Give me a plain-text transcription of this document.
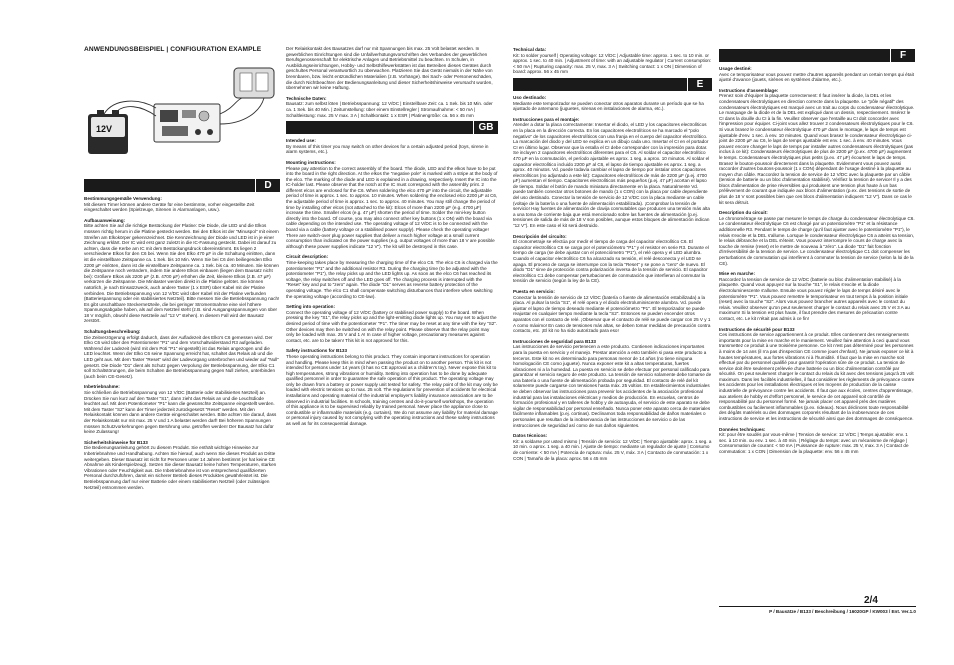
ANWENDUNGSBEISPIEL | CONFIGURATION EXAMPLE
12V
D

Bestimmungsgemäße Verwendung:

Mit diesem Timer können andere Geräte für eine bestimmte, vorher eingestellte Zeit eingeschaltet werden (Spielzeuge, Sirenen in Alarmanlagen, usw.).

Aufbauanweisung:

Bitte achten Sie auf die richtige Bestückung der Platine: Die Diode, die LED und die Elkos müssen richtig herum in die Platine gesteckt werden. Bei den Elkos ist der "Minuspol" mit einem Streifen am Elkokörper gekennzeichnet. Die Kennzeichnung der Diode und LED ist in je einer Zeichnung erklärt. Der IC wird erst ganz zuletzt in die IC-Fassung gesteckt. Dabei ist darauf zu achten, dass die Kerbe am IC mit dem Bestückungsdruck übereinstimmt. Es liegen 2 verschiedene Elkos für den C6 bei. Wenn Sie den Elko 470 µF in die Schaltung einlöten, dann ist die einstellbare Zeitspanne ca. 1 Sek. bis 10 Min. Wenn Sie bei C6 den beiliegenden Elko 2200 µF einlöten, dann ist die einstellbare Zeitspanne ca. 1 Sek. bis ca. 40 Minuten. Sie können die Zeitspanne noch verändern, indem Sie andere Elkos einbauen (liegen dem Bausatz nicht bei): Größere Elkos als 2200 µF (z.B. 4700 µF) erhöhen die Zeit, kleinere Elkos (z.B. 47 µF) verkürzen die Zeitspanne. Die Minitaster werden direkt in die Platine gelötet. Sie können natürlich, je nach Einsatzzweck, auch andere Taster (1 x ESR) über Kabel mit der Platine verbinden. Die Betriebsspannung von 12 V/DC wird über Kabel mit der Platine verbunden (Batteriespannung oder ein stabilisiertes Netzteil). Bitte messen Sie die Betriebsspannung nach! Es gibt unschaltbare Steckernetzteile, die bei geringer Stromentnahme eine viel höhere Spannungsabgabe haben, als auf dem Netzteil steht (z.B. sind Ausgangsspannungen von über 18 V möglich, obwohl diese Netzteile auf "12 V" stehen). In diesem Fall wird der Bausatz zerstört.

Schaltungsbeschreibung:

Die Zeitverzögerung erfolgt dadurch, dass der Aufladezeit des Elko's C6 gemessen wird. Der Elko C6 wird über den Potentiometer "P1" und dem Vorschaltwiderstand R3 aufgeladen. Während der Ladezeit (wird mit dem Poti "P1" eingestellt) ist das Relais angezogen und die LED leuchtet. Wenn der Elko C6 seine Spannung erreicht hat, schaltet das Relais ab und die LED geht aus. Mit dem Taster "Reset" wird der Ladevorgang unterbrochen und wieder auf "Null" gesetzt. Die Diode "D1" dient als Schutz gegen Verpolung der Betriebsspannung, der Elko C1 soll Schaltstörungen, die beim Schalten die Betriebsspannung gegen Null ziehen, unterbinden (auch beim CE-Gesetz).

Inbetriebnahme:

Sie schließen die Betriebsspannung von 12 V/DC (Batterie oder stabilisiertes Netzteil) an. Drücken Sie nun kurz auf den Taster "S1", dann zieht das Relais an und die Leuchtdiode leuchtet auf. Mit dem Potentiometer "P1" kann die gewünschte Zeitspanne eingestellt werden. Mit dem Taster "S2" kann der Timer jederzeit zurückgesetzt "Reset" werden. Mit den Relaiskontakt können dann andere Geräte eingeschaltet werden. Bitte achten Sie darauf, dass der Relaiskontakt nur mit max. 25 V und 1 A belastet werden darf! Bei höheren Spannungen müssen Schutzvorkehrungen gegen Berührung usw. getroffen werden! Der Bausatz hat dafür keine Zulassung!

Sicherheitshinweise für B133

Die Bedienungsanleitung gehört zu diesem Produkt. Sie enthält wichtige Hinweise zur Inbetriebnahme und Handhabung. Achten Sie hierauf, auch wenn Sie dieses Produkt an Dritte weitergeben. Dieser Bausatz ist nicht für Personen unter 14 Jahren bestimmt (er hat keine CE Abnahme als Kinderspielzeug). Setzen Sie dieser Bausatz keine hohen Temperaturen, starken Vibrationen oder Feuchtigkeit aus. Die Inbetriebnahme ist von entsprechend qualifizierten Personal durchzuführen, damit ein sicherer Betrieb dieses Produktes gewährleistet ist. Die Betriebsspannung darf nur einer Batterie oder einem stabilisierten Netzteil (oder zulässigen Netzteil) entnommen werden.

Der Relaiskontakt des Bausatzes darf nur mit Spannungen bis max. 25 Volt belastet werden. In gewerblichen Einrichtungen sind die Unfallverhütungsvorschriften des Verbandes der gewerblichen Berufsgenossenschaft für elektrische Anlagen und Betriebsmittel zu beachten. In Schulen, in Ausbildungseinrichtungen, Hobby- und Selbsthilfewerkstätten ist das Betreiben dieses Gerätes durch geschultes Personal verantwortlich zu überwachen. Platzieren Sie das Gerät niemals in der Nähe von brennbaren, bzw. leicht entzündlichen Materialien (z.B. Vorhänge). Bei Sach- oder Personenschäden, die durch Nichtbeachten der Bedienungsanleitung und dieser Sicherheitshinweise verursacht wurden, übernehmen wir keine Haftung.

Technische Daten:

Bausatz: zum selbst löten | Betriebsspannung: 12 V/DC | Einstellbare Zeit: ca. 1 Sek. bis 10 Min. oder ca. 1 Sek. bis 40 Min. | Zeitumstellung: über einem Einstellregler | Stromaufnahme: < 50 mA | Schaltleistung: max. 25 V max. 3 A | Schaltkontakt: 1 x ESR | Platinengröße: ca. 56 x 45 mm

GB

Intended use:

By means of this timer you may switch on other devices for a certain adjusted period (toys, sirene in alarm systems, etc.).

Mounting instructions:

Please pay attention to the correct assembly of the board. The diode, LED and the elkos have to be put into the board in the right direction. At the elkos the "negative pole" is marked with a stripe at the body of the elco. The marking of the diode and LED is explained in a drawing, respectively. Insert the IC into the IC-holder last. Please observe that the notch at the IC must correspond with the assembly print. 2 different elcos are enclosed for the C6. When soldering the elco 470 µF into the circuit, the adjustable period of time is approx. 1 sec. to approx. 10 minutes. When soldering the enclosed elco 2200 µF at C6, the adjustable period of time is approx. 1 sec. to approx. 40 minutes. You may still change the period of time by installing other elcos (not attached to the kit): Elcos of more than 2200 µF (e.g. 4700 µF) increase the time. Smaller elcos (e.g. 47 µF) shorten the period of time. Solder the mini-key button directly into the board. Of course, you may also connect other key buttons (1 x ON) with the board via cable depending on the intended use. The operating voltage of 12 V/DC is to be connected with the board via a cable (battery voltage or a stabilised power supply). Please check the operating voltage! There are switch-over plug power supplies that deliver a much higher voltage at a small current consumption than indicated on the power supplies (e.g. output voltages of more than 18 V are possible although these power supplies indicate "12 V"). The kit will be destroyed in this case.

Circuit description:

Time-keeping takes place by measuring the charging time of the elco C6. The elco C6 is charged via the potentiometer "P1" and the additional resistor R3. During the charging time (to be adjusted with the potentiometer "P1"), the relay picks up and the LED lights up. As soon as the elco C6 has reached its voltage, the relay switches off and the LED goes off. The charging process is interrupted with the "Reset" key and put to "zero" again. The diode "D1" serves as reverse battery protection of the operating voltage. The elco C1 shall compensate switching disturbances that interfere when switching the operating voltage (according to CE-law).

Setting into operation:

Connect the operating voltage of 12 V/DC (battery or stabilised power supply) to the board. When pressing the key "S1", the relay picks up and the light-emitting diode lights up. You may set to adjust the desired period of time with the potentiometer "P1". The timer may be reset at any time with the key "S2". Other devices may then be switched on with the relay point. Please observe that the relay point may only be loaded with max. 25 V and 1 A! In case of higher voltage, precautionary measures against contact, etc. are to be taken! This kit is not approved for this.

Safety instructions for B133

These operating instructions belong to this product. They contain important instructions for operation and handling. Please keep this in mind when passing the product on to another person. This kit is not intended for persons under 14 years (it has no CE approval as a children's toy). Never expose this kit to high temperatures, strong vibrations or humidity. Setting into operation has to be done by adequate qualified personnel in order to guarantee the safe operation of this product. The operating voltage may only be drawn from a battery or power supply unit tested for safety. The relay point of the kit may only be loaded with electric tensions up to max. 25 volt. The regulations for prevention of accidents for electrical installations and operating material of the industrial employer's liability insurance association are to be observed in industrial facilities. In schools, training centres and do-it-yourself workshops, the operation of this appliance is to be supervised reliably by trained personal. Never place the appliance close to combustible or inflammable materials (e.g. curtains). We do not assume any liability for material damage or personal injury caused by not complying with the operating instructions and these safety instructions as well as for its consequential damage.

Technical data:

Kit: to solder yourself | Operating voltage: 12 V/DC | Adjustable time: approx. 1 sec. to 10 min. or approx. 1 sec. to 40 min. | Adjustment of time: with an adjustable regulator | Current consumption: < 50 mA | Rupturing capacity: max. 25 V, max. 3 A | Switching contact: 1 x ON | Dimension of board: approx. 56 x 45 mm

E

Uso destinado:

Mediante este temporizador se pueden conectar otros aparatos durante un período que se ha ajustado de antemano (juguetes, sirenas en instalaciones de alarma, etc.).

Instrucciones para el montaje:

Atender a dotar la placa correctamente: Insertar el diodo, el LED y los capacitores electrolíticos en la placa en la dirección correcta. En los capacitores electrolíticos se ha marcado el "polo negativo" de los capacitores electrolíticos con una franja en el cuerpo del capacitor electrolítico. La marcación del diodo y del LED se explica en un dibujo cada uno. Insertar el CI en el portador CI en último lugar. Observar que la entalla el CI debe corresponder con la impresión para dotar. Se incluyen 2 capacitores electrolíticos diferentes para el C6. Al soldar el capacitor electrolítico 470 µF en la conmutación, el período ajustable es aprox. 1 seg. a aprox. 10 minutos. Al soldar el capacitor electrolítico incluido 2200 µF al C6, el lapso de tiempo ajustable es aprox. 1 seg. a aprox. 40 minutos. Vd. puede todavía cambiar el lapso de tiempo por instalar otros capacitores electrolíticos (no adjuntado a este kit): Capacitores electrolíticos de más de 2200 µF (p.ej. 4700 µF) aumentan el tiempo. Capacitores electrolíticos más pequeños (p.ej. 47 µF) acortan el lapso de tiempo. Soldar el botón de mando miniatura directamente en la placa. Naturalmente Vd. puede también conectar otros botones de mando (1 x CON) con la placa por cable dependiente del uso destinado. Conectar la tensión de servicio de 12 V/DC con la placa mediante un cable (voltaje de la batería o una fuente de alimentación estabilizada). ¡Comprobar la tensión de servicio! Hay fuentes de alimentación de clavija conmutables que producen una tensión más alta a una toma de corriente baja que está mencionado sobre las fuentes de alimentación (p.ej. tensiones de salida de más de 18 V son posibles, aunque estos bloques de alimentación indican "12 V"). En este caso el kit será destruido.

Descripción del circuito:

El cronometraje se efectúa por medir el tiempo de carga del capacitor electrolítico C6. El capacitor electrolítico C6 se carga por el potenciómetro "P1" y el resistor en serie R3. Durante el tiempo de carga (se debe ajustar con el potenciómetro "P1"), el relé opera y el LED alumbra. Cuando el capacitor electrolítico C6 ha alcanzado su tensión, el relé desconecta y el LED se apaga. El proceso de carga se interrumpe con la tecla "Reset" y se pone a "cero" de nuevo. El diodo "D1" sirve de protección contra polarización inversa de la tensión de servicio. El capacitor electrolítico C1 debe compensar perturbaciones de conmutación que interfieran al conmutar la tensión de servicio (según la ley de la CE).

Puesta en servicio:

Conectar la tensión de servicio de 12 V/DC (batería o fuente de alimentación estabilizada) a la placa. Al pulsar la tecla "S1", el relé opera y el diodo electroluminiscente alumbra. Vd. puede ajustar el lapso de tiempo deseado mediante el potenciómetro "P1". El temporizador se puede reajustar en cualquier tiempo mediante la tecla "S2". Entonces se pueden encender otros aparatos con el contacto de relé. ¡Observar que el contacto de relé se puede cargar con 25 V y 1 A como máximo! En caso de tensiones más altas, se deben tomar medidas de precaución contra contacto, etc. ¡El kit no ha sido autorizado para eso!

Instrucciones de seguridad para B133

Las instrucciones de servicio pertenecen a este producto. Contienen indicaciones importantes para la puesta en servicio y el manejo. Prestar atención a esto también si pasa este producto a terceros. Este kit no es determinado para personas menor de 14 años (no tiene ninguna homologación CE como juguete). Nunca exponer este kit a altas temperaturas, fuertes vibraciones ni a la humedad. La puesta en servicio se debe efectuar por personal calificado para garantizar el servicio seguro de este producto. La tensión de servicio solamente debe tomarse de una batería o una fuente de alimentación probada por seguridad. El contacto de relé del kit solamente puede cargarse con tensiones hasta máx. 25 voltios. En establecimientos industriales se deben observar las instrucciones para prevenir los accidentes de la asociación profesional industrial para las instalaciones eléctricas y medios de producción. En escuelas, centros de formación profesional y en talleres de hobby y de autoayuda, el servicio de este aparato se debe vigilar de responsabilidad por personal enseñado. Nunca poner este aparato cerca de materiales fácilmente inflamables (p.ej. cortinas). Declinamos toda responsabilidad de daños materiales o personales que resultan de la inobservancia de las instrucciones de servicio o de las instrucciones de seguridad así como de sus daños siguientes.

Datos técnicos:

Kit: a soldarse por usted mismo | Tensión de servicio: 12 V/DC | Tiempo ajustable: aprox. 1 seg. a 10 min. o aprox. 1 seg. a 40 min. | Ajuste de tiempo: mediante un regulador de ajuste | Consumo de corriente: < 50 mA | Potencia de ruptura: máx. 25 V, máx. 3 A | Contacto de conmutación: 1 x CON | Tamaño de la placa: aprox. 56 x 45 mm

F

Usage destiné:

Avec ce temporisateur vous pouvez mettre d'autres appareils pendant un certain temps qui était ajusté d'avance (jouets, sirènes en systèmes d'alarme, etc.).

Instructions d'assemblage:

Prenez soin d'équiper la plaquette correctement: Il faut insérer la diode, la DEL et les condensateurs électrolytiques en direction correcte dans la plaquette. Le "pôle négatif" des condensateurs électrolytiques est marqué avec un trait au corps du condensateur électrolytique. Le marquage de la diode et de la DEL est expliqué dans un dessin, respectivement. Insérez le CI dans la douille du CI à la fin. Veuillez observer que l'entaille au CI doit concorder avec l'impression pour équiper. Ci-joint vous allez trouver 2 condensateurs électrolytiques pour le C6. Si vous brasez le condensateur électrolytique 470 µF dans le montage, le laps de temps est ajustable d'env. 1 sec. à env. 10 minutes. Quand vous brasez le condensateur électrolytique ci-joint de 2200 µF au C6, le laps de temps ajustable est env. 1 sec. à env. 40 minutes. Vous pouvez encore changer le laps de temps par installer autres condensateurs électrolytiques (pas inclus à ce kit): Condensateurs électrolytiques de plus de 2200 µF (p.ex. 4700 µF) augmentent le temps. Condensateurs électrolytiques plus petits (p.ex. 47 µF) écourtent le laps de temps. Brasez le bouton-poussoir directement dans la plaquette. Evidemment vous pouvez aussi raccorder d'autres boutons-poussoir (1 x CON) dépendant de l'usage destiné à la plaquette au moyen d'un câble. Raccordez la tension de service de 12 V/DC avec la plaquette par un câble (tension de batterie ou un bloc d'alimentation stabilisé). Vérifiez la tension de service! Il y a des blocs d'alimentation de prise réversibles qui produisent une tension plus haute à un bas prélèvement de courant que indiquée aux blocs d'alimentation (p.ex. des tensions de sortie de plus de 18 V sont possibles bien que ces blocs d'alimentation indiquent "12 V"). Dans ce cas le kit sera détruit.

Description du circuit:

Le chronométrage se passe par mesurer le temps de charge du condensateur électrolytique C6. Le condensateur électrolytique C6 est chargé par un potentiomètre "P1" et la résistance additionnelle R3. Pendant le temps de charge (qu'il faut ajuster avec le potentiomètre "P1"), le relais s'excite et la DEL s'allume. Lorsque le condensateur électrolytique C6 a atteint sa tension, le relais débranche et la DEL s'éteint. Vous pouvez interrompre le cours de charge avec la touche de remise (reset) et le mettre de nouveau à "zéro". La diode "D1" fait fonction d'irréversibilité de la tension de service. Le condensateur électrolytique C1 doit compenser les perturbations de commutation qui interfèrent à commuter la tension de service (selon la loi de la CE).

Mise en marche:

Raccordez la tension de service de 12 V/DC (batterie ou bloc d'alimentation stabilisé) à la plaquette. Quand vous appuyez sur la touche "S1", le relais s'excite et la diode électroluminescente s'allume. Ensuite vous pouvez régler le laps de temps désiré avec le potentiomètre "P1". Vous pouvez remettre le temporisateur en tout temps à la position initiale (reset) avec la touche "S2". Alors vous pouvez brancher autres appareils avec le contact du relais. Veuillez observer qu'on peut seulement charger le contact du relais avec 25 V et 3 A au maximum! Si la tension est plus haute, il faut prendre des mesures de précaution contre contact, etc. Le kit n'était pas admis à ce fin!

Instructions de sécurité pour B133

Ces instructions de service appartiennent à ce produit. Elles contiennent des renseignements importants pour la mise en marche et le maniement. Veuillez faire attention à ceci quand vous transmettez ce produit à une troisième personne. Ce kit n'est pas déterminé pour les personnes à moins de 14 ans (il n'a pas d'inspection CE comme jouet d'enfant). Ne jamais exposer ce kit à hautes températures, aux fortes vibrations ni à l'humidité. Il faut que la mise en marche soit effectué par du personnel qualifié pour garantir l'opération sûre de ce produit. La tension de service doit être seulement prélevée d'une batterie ou un bloc d'alimentation contrôlé par sécurité. On peut seulement charger le contact du relais du kit avec des tensions jusqu'à 25 volt maximum. Dans les facilités industrielles, il faut considérer les règlements de prévoyance contre les accidents pour les installations électriques et les moyens de production de la caisse industrielle de prévoyance contre les accidents. Il faut que aux écoles, centres d'apprentissage, aux ateliers de hobby et d'effort personnel, le service de cet appareil soit contrôlé de responsabilité par du personnel formé. Ne jamais placer cet appareil près des matières combustibles ou facilement inflammables (p.ex. rideaux). Nous déclinons toute responsabilité des dégâts matériels ou des dommages corporels résultant de la inobservance de ces instructions de service et les instructions de sécurité ainsi que des dommages de conséquence.

Données techniques:

Kit: pour être soudés par vous-même | Tension de service: 12 V/DC | Temps ajustable: env. 1 sec. à 10 min. ou env. 1 sec. à 40 min. | Réglage du temps: avec un mécanisme de réglage | Consommation de courant: < 50 mA | Puissance de rupture: max. 25 V, max. 3 A | Contact de commutation: 1 x CON | Dimension de la plaquette: env. 56 x 45 mm

2/4
P / Bausätze / B133 / Beschreibung / 16020GP / KW003 / Ent. Ver.1.0
